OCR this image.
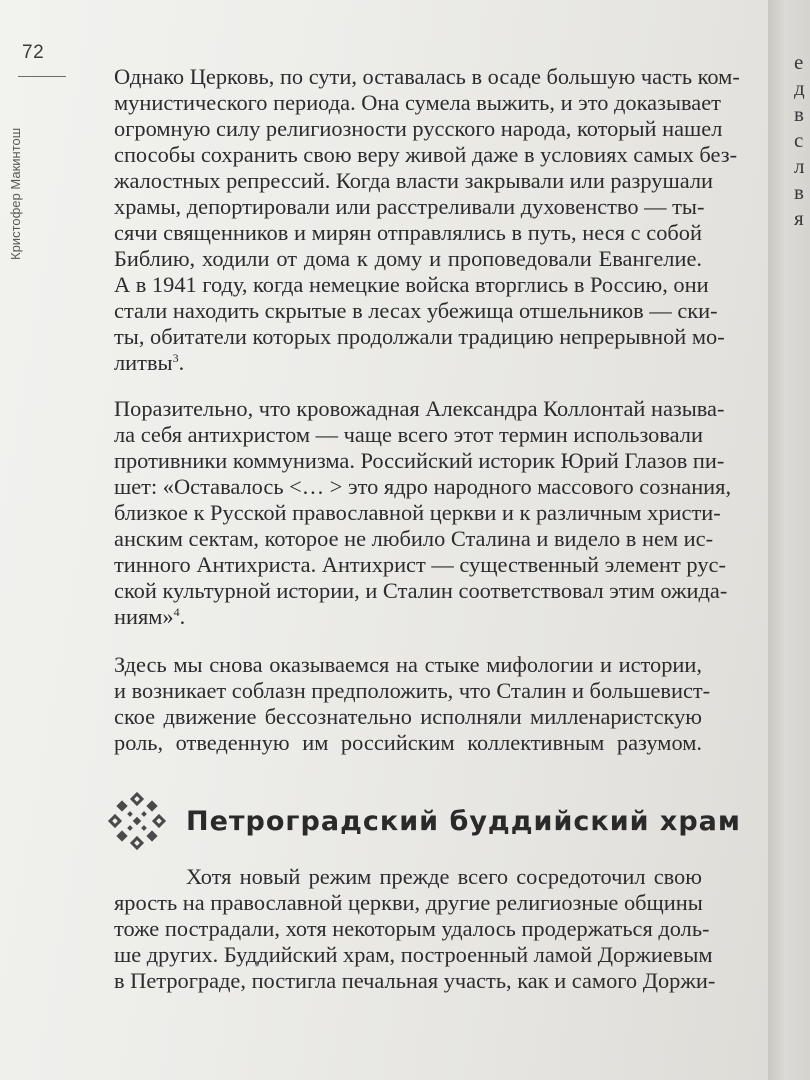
72
Кристофер Макинтош
Однако Церковь, по сути, оставалась в осаде большую часть ком-
мунистического периода. Она сумела выжить, и это доказывает
огромную силу религиозности русского народа, который нашел
способы сохранить свою веру живой даже в условиях самых без-
жалостных репрессий. Когда власти закрывали или разрушали
храмы, депортировали или расстреливали духовенство — ты-
сячи священников и мирян отправлялись в путь, неся с собой
Библию, ходили от дома к дому и проповедовали Евангелие.
А в 1941 году, когда немецкие войска вторглись в Россию, они
стали находить скрытые в лесах убежища отшельников — ски-
ты, обитатели которых продолжали традицию непрерывной мо-
литвы$^3$.
Поразительно, что кровожадная Александра Коллонтай называ-
ла себя антихристом — чаще всего этот термин использовали
противники коммунизма. Российский историк Юрий Глазов пи-
шет: «Оставалось <… > это ядро народного массового сознания,
близкое к Русской православной церкви и к различным христи-
анским сектам, которое не любило Сталина и видело в нем ис-
тинного Антихриста. Антихрист — существенный элемент рус-
ской культурной истории, и Сталин соответствовал этим ожида-
ниям»$^4$.
Здесь мы снова оказываемся на стыке мифологии и истории,
и возникает соблазн предположить, что Сталин и большевист-
ское движение бессознательно исполняли милленаристскую
роль, отведенную им российским коллективным разумом.
Петроградский буддийский храм
Хотя новый режим прежде всего сосредоточил свою
ярость на православной церкви, другие религиозные общины
тоже пострадали, хотя некоторым удалось продержаться доль-
ше других. Буддийский храм, построенный ламой Доржиевым
в Петрограде, постигла печальная участь, как и самого Доржи-
е
д
в
с
л
в
я
